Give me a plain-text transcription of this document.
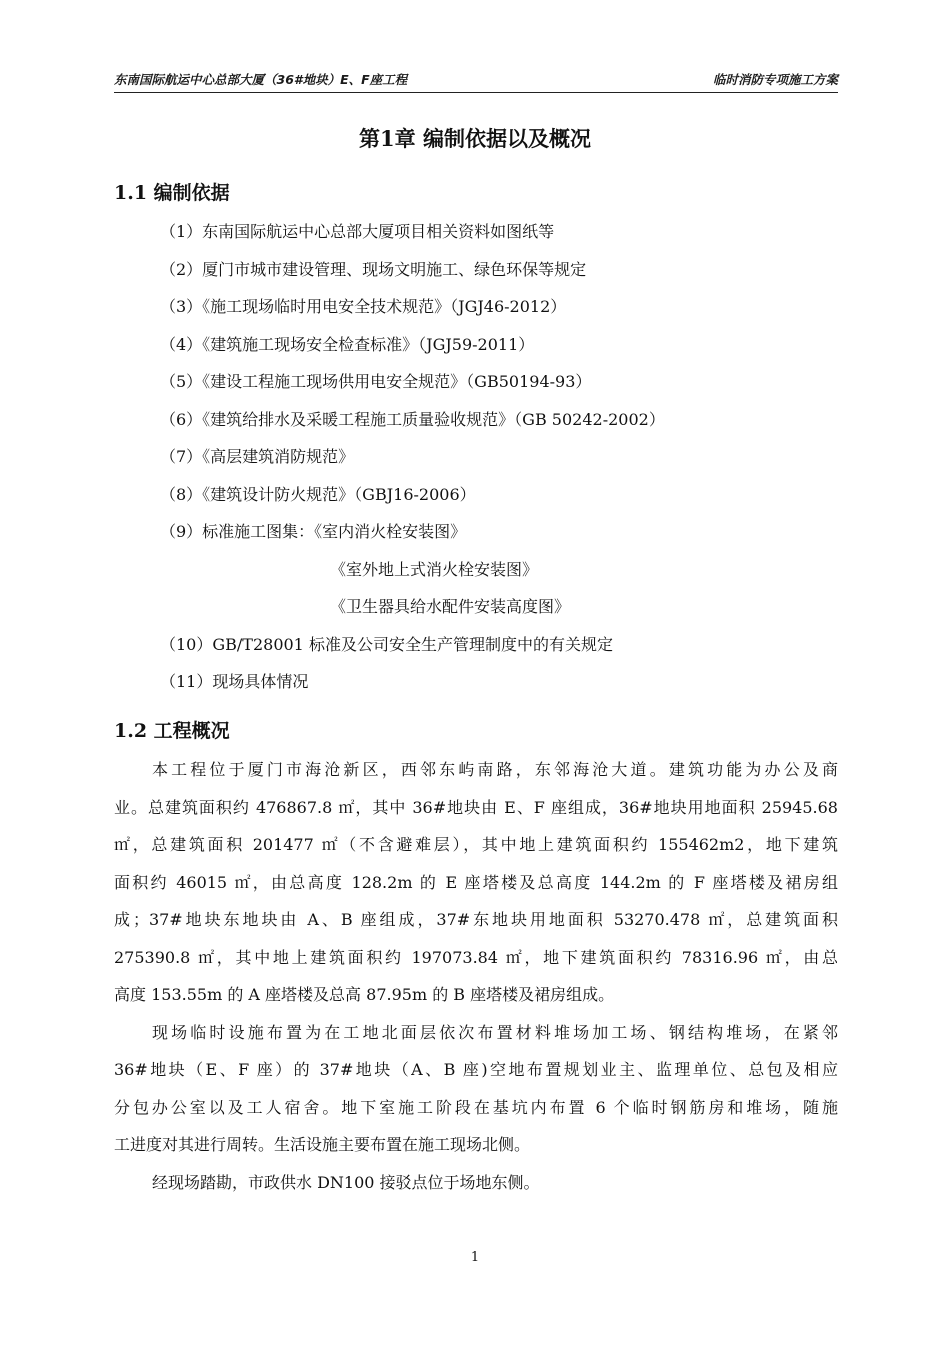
东南国际航运中心总部大厦（36#地块）E、F座工程	临时消防专项施工方案
第1章 编制依据以及概况
1.1 编制依据
（1）东南国际航运中心总部大厦项目相关资料如图纸等
（2）厦门市城市建设管理、现场文明施工、绿色环保等规定
（3）《施工现场临时用电安全技术规范》（JGJ46-2012）
（4）《建筑施工现场安全检查标准》（JGJ59-2011）
（5）《建设工程施工现场供用电安全规范》（GB50194-93）
（6）《建筑给排水及采暖工程施工质量验收规范》（GB 50242-2002）
（7）《高层建筑消防规范》
（8）《建筑设计防火规范》（GBJ16-2006）
（9）标准施工图集：《室内消火栓安装图》
《室外地上式消火栓安装图》
《卫生器具给水配件安装高度图》
（10）GB/T28001 标准及公司安全生产管理制度中的有关规定
（11）现场具体情况
1.2 工程概况
本工程位于厦门市海沧新区，西邻东屿南路，东邻海沧大道。建筑功能为办公及商
业。总建筑面积约 476867.8 ㎡，其中 36#地块由 E、F 座组成，36#地块用地面积 25945.68
㎡，总建筑面积 201477 ㎡（不含避难层），其中地上建筑面积约 155462m2，地下建筑
面积约 46015 ㎡，由总高度 128.2m 的 E 座塔楼及总高度 144.2m 的 F 座塔楼及裙房组
成；37#地块东地块由 A、B 座组成，37#东地块用地面积 53270.478 ㎡，总建筑面积
275390.8 ㎡，其中地上建筑面积约 197073.84 ㎡，地下建筑面积约 78316.96 ㎡，由总
高度 153.55m 的 A 座塔楼及总高 87.95m 的 B 座塔楼及裙房组成。
现场临时设施布置为在工地北面层依次布置材料堆场加工场、钢结构堆场，在紧邻
36#地块（E、F 座）的 37#地块（A、B 座)空地布置规划业主、监理单位、总包及相应
分包办公室以及工人宿舍。地下室施工阶段在基坑内布置 6 个临时钢筋房和堆场，随施
工进度对其进行周转。生活设施主要布置在施工现场北侧。
经现场踏勘，市政供水 DN100 接驳点位于场地东侧。
1
